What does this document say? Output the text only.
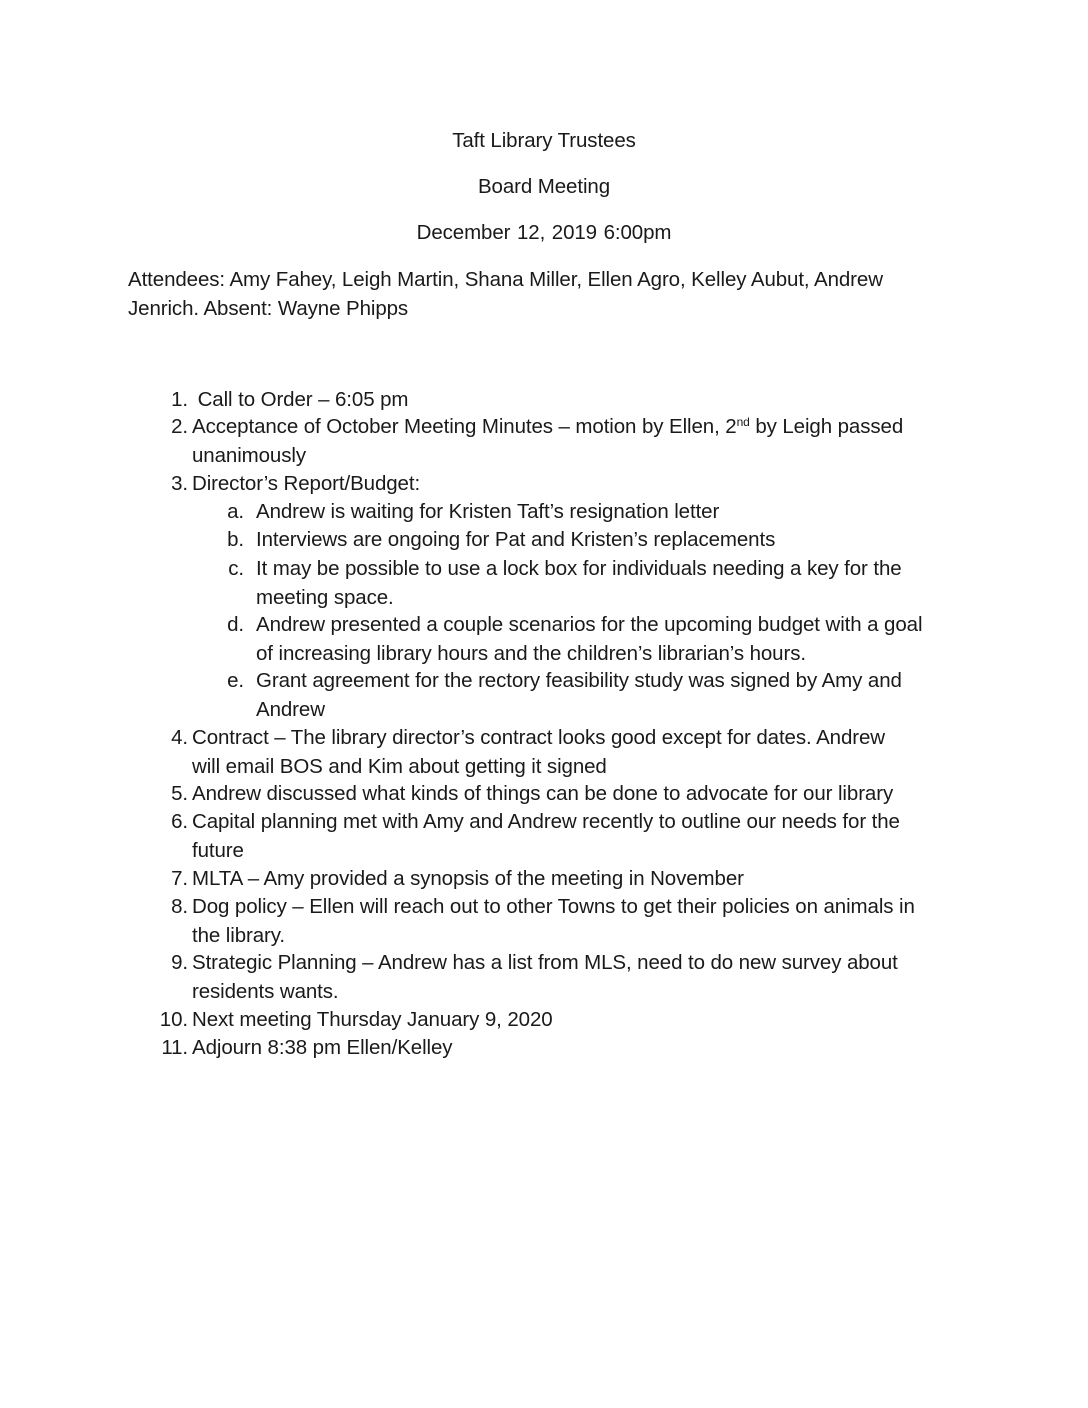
Taft Library Trustees
Board Meeting
December 12, 2019 6:00pm
Attendees: Amy Fahey, Leigh Martin, Shana Miller, Ellen Agro, Kelley Aubut, Andrew
Jenrich. Absent: Wayne Phipps
1. Call to Order – 6:05 pm
2. Acceptance of October Meeting Minutes – motion by Ellen, 2nd by Leigh passed
unanimously
3. Director’s Report/Budget:
a. Andrew is waiting for Kristen Taft’s resignation letter
b. Interviews are ongoing for Pat and Kristen’s replacements
c. It may be possible to use a lock box for individuals needing a key for the
meeting space.
d. Andrew presented a couple scenarios for the upcoming budget with a goal
of increasing library hours and the children’s librarian’s hours.
e. Grant agreement for the rectory feasibility study was signed by Amy and
Andrew
4. Contract – The library director’s contract looks good except for dates. Andrew
will email BOS and Kim about getting it signed
5. Andrew discussed what kinds of things can be done to advocate for our library
6. Capital planning met with Amy and Andrew recently to outline our needs for the
future
7. MLTA – Amy provided a synopsis of the meeting in November
8. Dog policy – Ellen will reach out to other Towns to get their policies on animals in
the library.
9. Strategic Planning – Andrew has a list from MLS, need to do new survey about
residents wants.
10. Next meeting Thursday January 9, 2020
11. Adjourn 8:38 pm Ellen/Kelley
